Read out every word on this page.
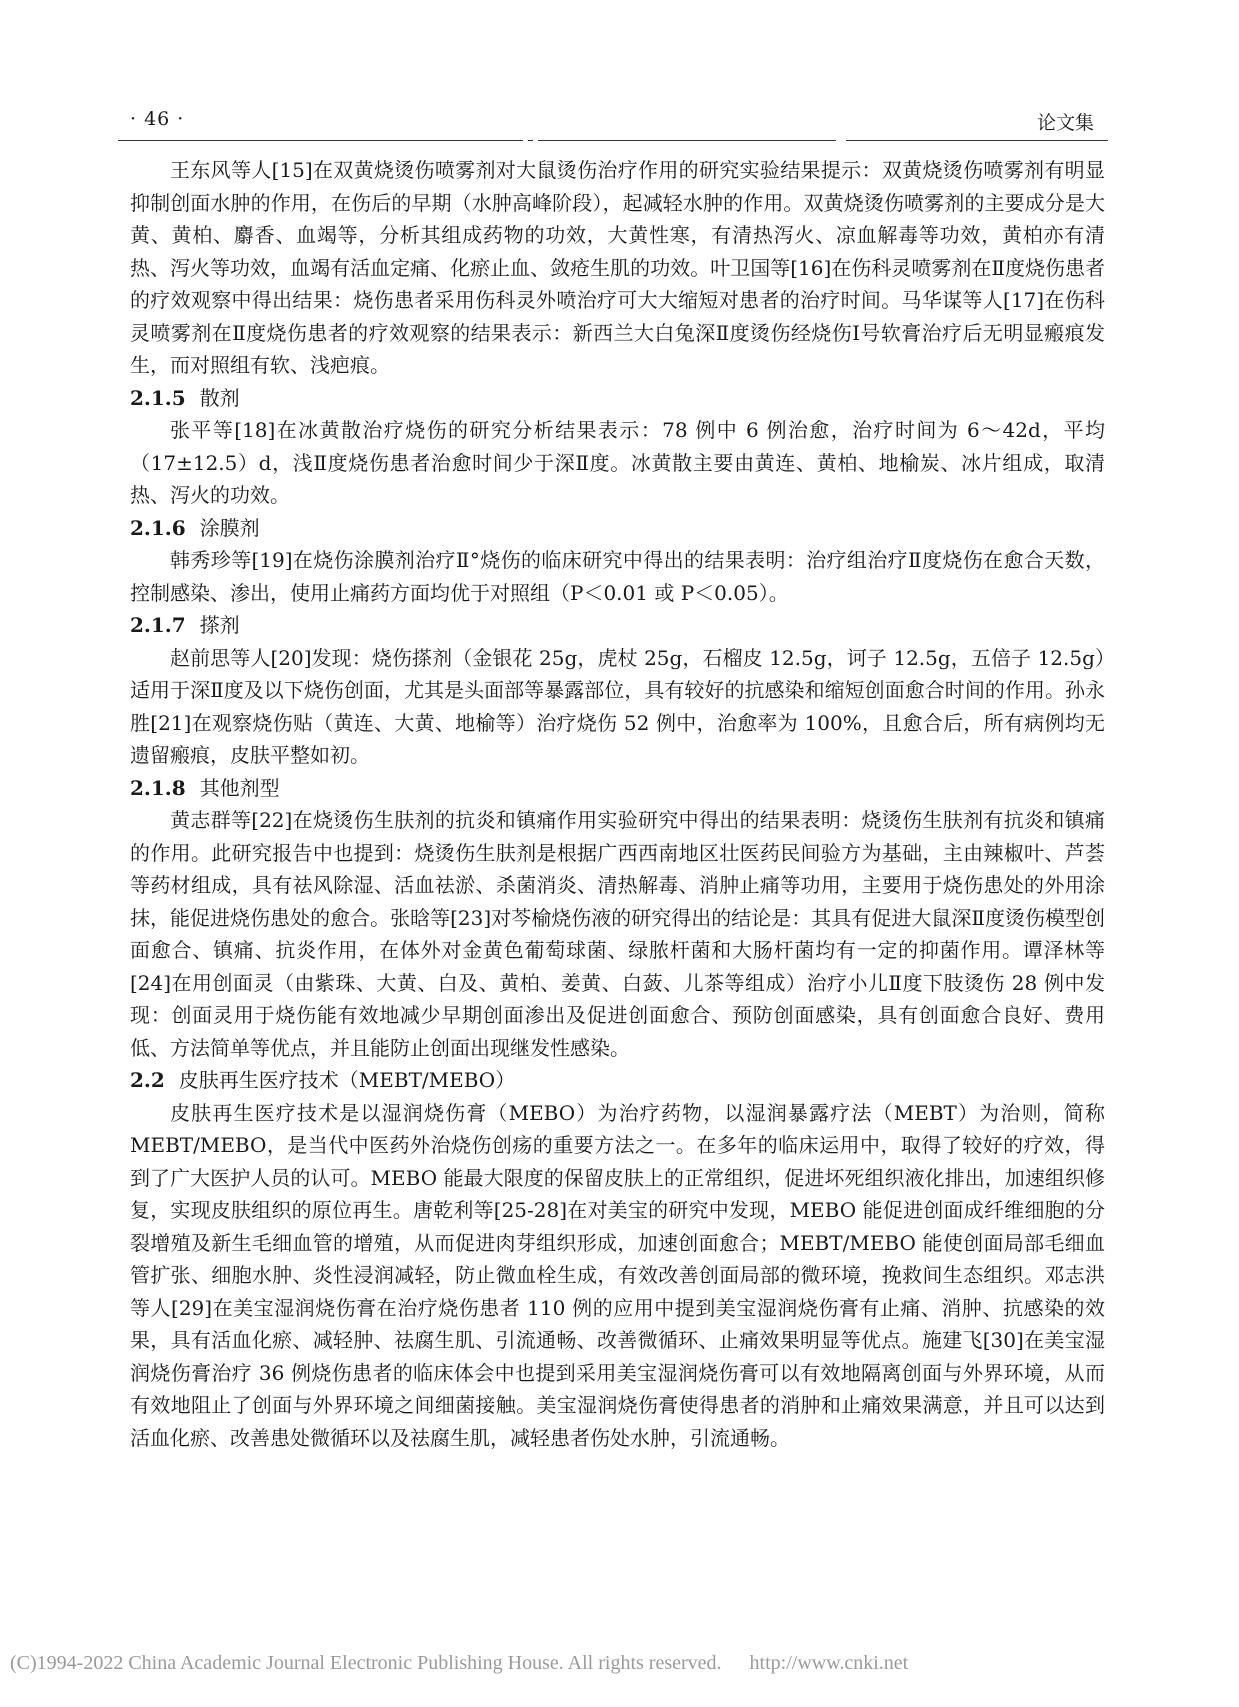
· 46 ·	论文集

王东风等人[15]在双黄烧烫伤喷雾剂对大鼠烫伤治疗作用的研究实验结果提示：双黄烧烫伤喷雾剂有明显抑制创面水肿的作用，在伤后的早期（水肿高峰阶段），起减轻水肿的作用。双黄烧烫伤喷雾剂的主要成分是大黄、黄柏、麝香、血竭等，分析其组成药物的功效，大黄性寒，有清热泻火、凉血解毒等功效，黄柏亦有清热、泻火等功效，血竭有活血定痛、化瘀止血、敛疮生肌的功效。叶卫国等[16]在伤科灵喷雾剂在Ⅱ度烧伤患者的疗效观察中得出结果：烧伤患者采用伤科灵外喷治疗可大大缩短对患者的治疗时间。马华谋等人[17]在伤科灵喷雾剂在Ⅱ度烧伤患者的疗效观察的结果表示：新西兰大白兔深Ⅱ度烫伤经烧伤Ⅰ号软膏治疗后无明显瘢痕发生，而对照组有软、浅疤痕。

2.1.5 散剂

张平等[18]在冰黄散治疗烧伤的研究分析结果表示：78 例中 6 例治愈，治疗时间为 6～42d，平均（17±12.5）d，浅Ⅱ度烧伤患者治愈时间少于深Ⅱ度。冰黄散主要由黄连、黄柏、地榆炭、冰片组成，取清热、泻火的功效。

2.1.6 涂膜剂

韩秀珍等[19]在烧伤涂膜剂治疗Ⅱ°烧伤的临床研究中得出的结果表明：治疗组治疗Ⅱ度烧伤在愈合天数，控制感染、渗出，使用止痛药方面均优于对照组（P＜0.01 或 P＜0.05）。

2.1.7 搽剂

赵前思等人[20]发现：烧伤搽剂（金银花 25g，虎杖 25g，石榴皮 12.5g，诃子 12.5g，五倍子 12.5g）适用于深Ⅱ度及以下烧伤创面，尤其是头面部等暴露部位，具有较好的抗感染和缩短创面愈合时间的作用。孙永胜[21]在观察烧伤贴（黄连、大黄、地榆等）治疗烧伤 52 例中，治愈率为 100%，且愈合后，所有病例均无遗留瘢痕，皮肤平整如初。

2.1.8 其他剂型

黄志群等[22]在烧烫伤生肤剂的抗炎和镇痛作用实验研究中得出的结果表明：烧烫伤生肤剂有抗炎和镇痛的作用。此研究报告中也提到：烧烫伤生肤剂是根据广西西南地区壮医药民间验方为基础，主由辣椒叶、芦荟等药材组成，具有祛风除湿、活血祛淤、杀菌消炎、清热解毒、消肿止痛等功用，主要用于烧伤患处的外用涂抹，能促进烧伤患处的愈合。张晗等[23]对芩榆烧伤液的研究得出的结论是：其具有促进大鼠深Ⅱ度烫伤模型创面愈合、镇痛、抗炎作用，在体外对金黄色葡萄球菌、绿脓杆菌和大肠杆菌均有一定的抑菌作用。谭泽林等[24]在用创面灵（由紫珠、大黄、白及、黄柏、姜黄、白蔹、儿茶等组成）治疗小儿Ⅱ度下肢烫伤 28 例中发现：创面灵用于烧伤能有效地减少早期创面渗出及促进创面愈合、预防创面感染，具有创面愈合良好、费用低、方法简单等优点，并且能防止创面出现继发性感染。

2.2 皮肤再生医疗技术（MEBT/MEBO）

皮肤再生医疗技术是以湿润烧伤膏（MEBO）为治疗药物，以湿润暴露疗法（MEBT）为治则，简称 MEBT/MEBO，是当代中医药外治烧伤创疡的重要方法之一。在多年的临床运用中，取得了较好的疗效，得到了广大医护人员的认可。MEBO 能最大限度的保留皮肤上的正常组织，促进坏死组织液化排出，加速组织修复，实现皮肤组织的原位再生。唐乾利等[25-28]在对美宝的研究中发现，MEBO 能促进创面成纤维细胞的分裂增殖及新生毛细血管的增殖，从而促进肉芽组织形成，加速创面愈合；MEBT/MEBO 能使创面局部毛细血管扩张、细胞水肿、炎性浸润减轻，防止微血栓生成，有效改善创面局部的微环境，挽救间生态组织。邓志洪等人[29]在美宝湿润烧伤膏在治疗烧伤患者 110 例的应用中提到美宝湿润烧伤膏有止痛、消肿、抗感染的效果，具有活血化瘀、减轻肿、祛腐生肌、引流通畅、改善微循环、止痛效果明显等优点。施建飞[30]在美宝湿润烧伤膏治疗 36 例烧伤患者的临床体会中也提到采用美宝湿润烧伤膏可以有效地隔离创面与外界环境，从而有效地阻止了创面与外界环境之间细菌接触。美宝湿润烧伤膏使得患者的消肿和止痛效果满意，并且可以达到活血化瘀、改善患处微循环以及祛腐生肌，减轻患者伤处水肿，引流通畅。

(C)1994-2022 China Academic Journal Electronic Publishing House. All rights reserved. http://www.cnki.net
